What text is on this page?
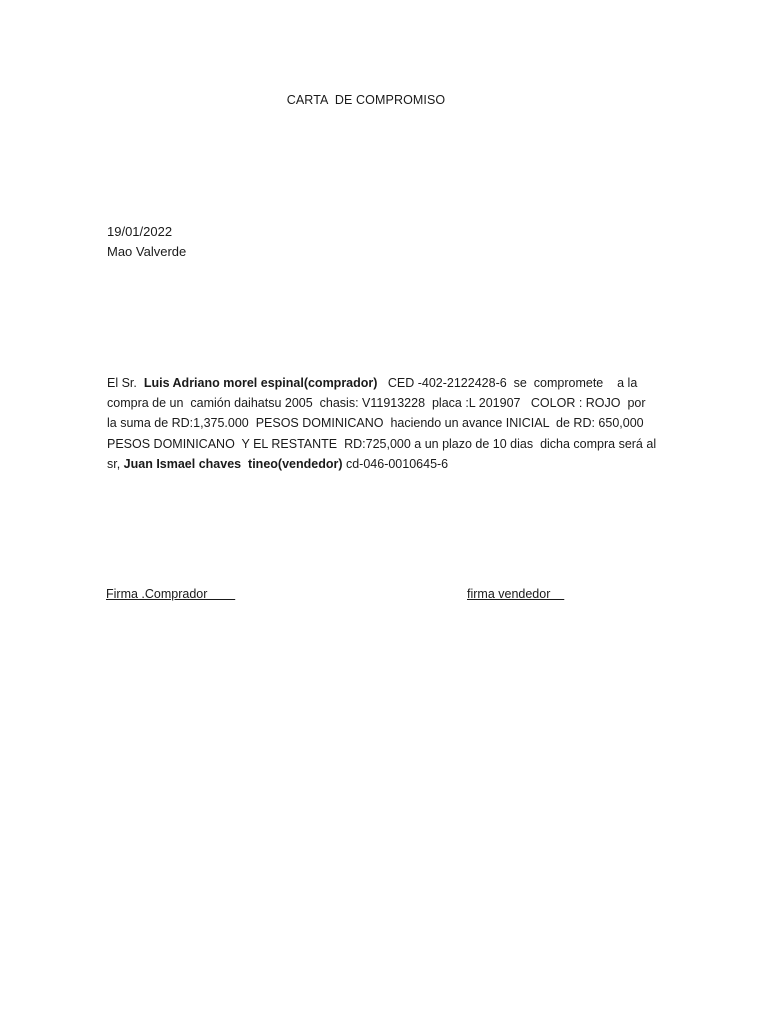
CARTA  DE COMPROMISO
19/01/2022
Mao Valverde
El Sr.  Luis Adriano morel espinal(comprador)   CED -402-2122428-6  se  compromete    a la compra de un  camión daihatsu 2005  chasis: V11913228  placa :L 201907   COLOR : ROJO  por la suma de RD:1,375.000  PESOS DOMINICANO  haciendo un avance INICIAL  de RD: 650,000 PESOS DOMINICANO  Y EL RESTANTE  RD:725,000 a un plazo de 10 dias  dicha compra será al sr, Juan Ismael chaves  tineo(vendedor) cd-046-0010645-6
Firma .Comprador	firma vendedor
